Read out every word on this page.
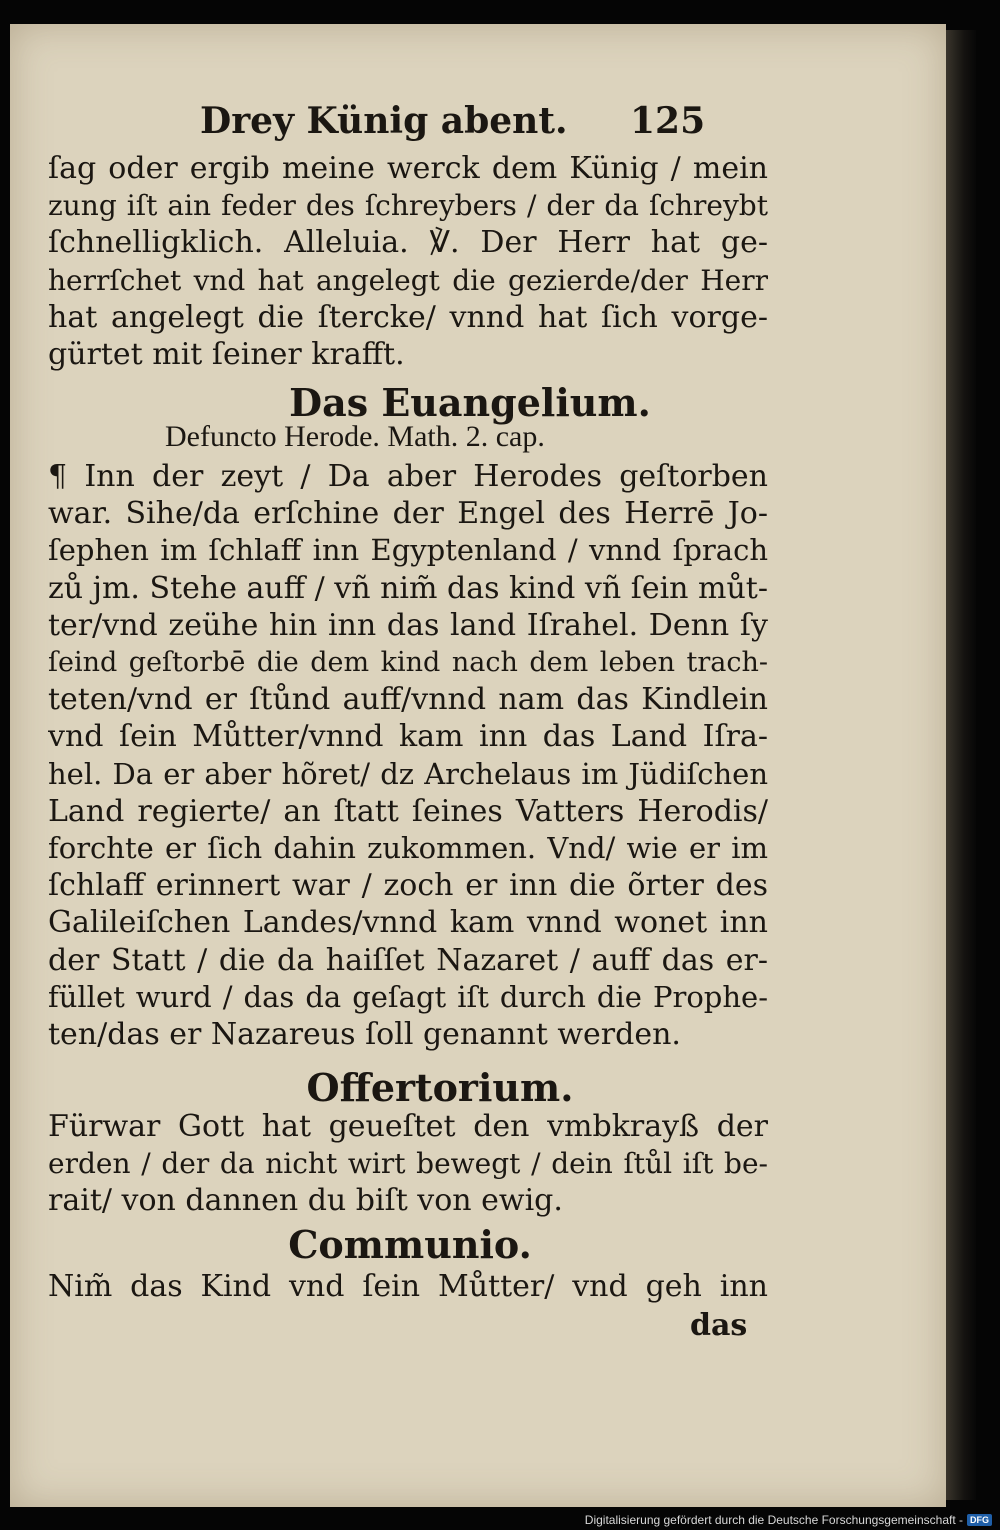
Drey Künig abent. 125
ſag oder ergib meine werck dem Künig / mein
zung iſt ain feder des ſchreybers / der da ſchreybt
ſchnelligklich. Alleluia. ℣. Der Herr hat ge-
herrſchet vnd hat angelegt die gezierde/der Herr
hat angelegt die ſtercke/ vnnd hat ſich vorge-
gürtet mit ſeiner krafft.
Das Euangelium.
Defuncto Herode. Math. 2. cap.
¶ Inn der zeyt / Da aber Herodes geſtorben
war. Sihe/da erſchine der Engel des Herrē Jo-
ſephen im ſchlaff inn Egyptenland / vnnd ſprach
zů jm. Stehe auff / vñ nim̃ das kind vñ ſein můt-
ter/vnd zeühe hin inn das land Iſrahel. Denn ſy
ſeind geſtorbē die dem kind nach dem leben trach-
teten/vnd er ſtůnd auff/vnnd nam das Kindlein
vnd ſein Můtter/vnnd kam inn das Land Iſra-
hel. Da er aber hõret/ dz Archelaus im Jüdiſchen
Land regierte/ an ſtatt ſeines Vatters Herodis/
forchte er ſich dahin zukommen. Vnd/ wie er im
ſchlaff erinnert war / zoch er inn die õrter des
Galileiſchen Landes/vnnd kam vnnd wonet inn
der Statt / die da haiſſet Nazaret / auff das er-
füllet wurd / das da geſagt iſt durch die Prophe-
ten/das er Nazareus ſoll genannt werden.
Offertorium.
Fürwar Gott hat geueſtet den vmbkrayß der
erden / der da nicht wirt bewegt / dein ſtůl iſt be-
rait/ von dannen du biſt von ewig.
Communio.
Nim̃ das Kind vnd ſein Můtter/ vnd geh inn
das
Digitalisierung gefördert durch die Deutsche Forschungsgemeinschaft - DFG
